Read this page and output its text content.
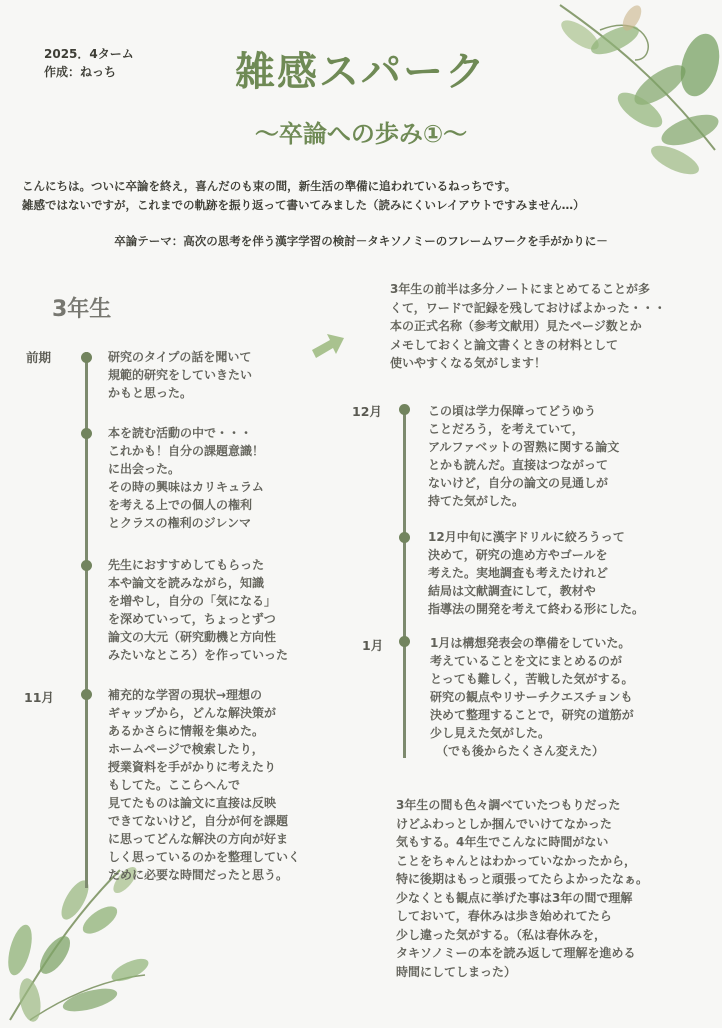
2025．4ターム
作成：ねっち	雑感スパーク
〜卒論への歩み①〜
こんにちは。ついに卒論を終え，喜んだのも束の間，新生活の準備に追われているねっちです。
雑感ではないですが，これまでの軌跡を振り返って書いてみました（読みにくいレイアウトですみません…）
卒論テーマ：高次の思考を伴う漢字学習の検討－タキソノミーのフレームワークを手がかりに－
3年生
前期
11月
研究のタイプの話を聞いて
規範的研究をしていきたい
かもと思った。
本を読む活動の中で・・・
これかも！自分の課題意識！
に出会った。
その時の興味はカリキュラム
を考える上での個人の権利
とクラスの権利のジレンマ
先生におすすめしてもらった
本や論文を読みながら，知識
を増やし，自分の「気になる」
を深めていって，ちょっとずつ
論文の大元（研究動機と方向性
みたいなところ）を作っていった
補充的な学習の現状→理想の
ギャップから，どんな解決策が
あるかさらに情報を集めた。
ホームページで検索したり，
授業資料を手がかりに考えたり
もしてた。ここらへんで
見てたものは論文に直接は反映
できてないけど，自分が何を課題
に思ってどんな解決の方向が好ま
しく思っているのかを整理していく
ために必要な時間だったと思う。
3年生の前半は多分ノートにまとめてることが多
くて，ワードで記録を残しておけばよかった・・・
本の正式名称（参考文献用）見たページ数とか
メモしておくと論文書くときの材料として
使いやすくなる気がします！
12月
1月
この頃は学力保障ってどうゆう
ことだろう，を考えていて，
アルファベットの習熟に関する論文
とかも読んだ。直接はつながって
ないけど，自分の論文の見通しが
持てた気がした。
12月中旬に漢字ドリルに絞ろうって
決めて，研究の進め方やゴールを
考えた。実地調査も考えたけれど
結局は文献調査にして，教材や
指導法の開発を考えて終わる形にした。
1月は構想発表会の準備をしていた。
考えていることを文にまとめるのが
とっても難しく，苦戦した気がする。
研究の観点やリサーチクエスチョンも
決めて整理することで，研究の道筋が
少し見えた気がした。
　（でも後からたくさん変えた）
3年生の間も色々調べていたつもりだった
けどふわっとしか掴んでいけてなかった
気もする。4年生でこんなに時間がない
ことをちゃんとはわかっていなかったから，
特に後期はもっと頑張ってたらよかったなぁ。
少なくとも観点に挙げた事は3年の間で理解
しておいて，春休みは歩き始めれてたら
少し違った気がする。（私は春休みを，
タキソノミーの本を読み返して理解を進める
時間にしてしまった）
